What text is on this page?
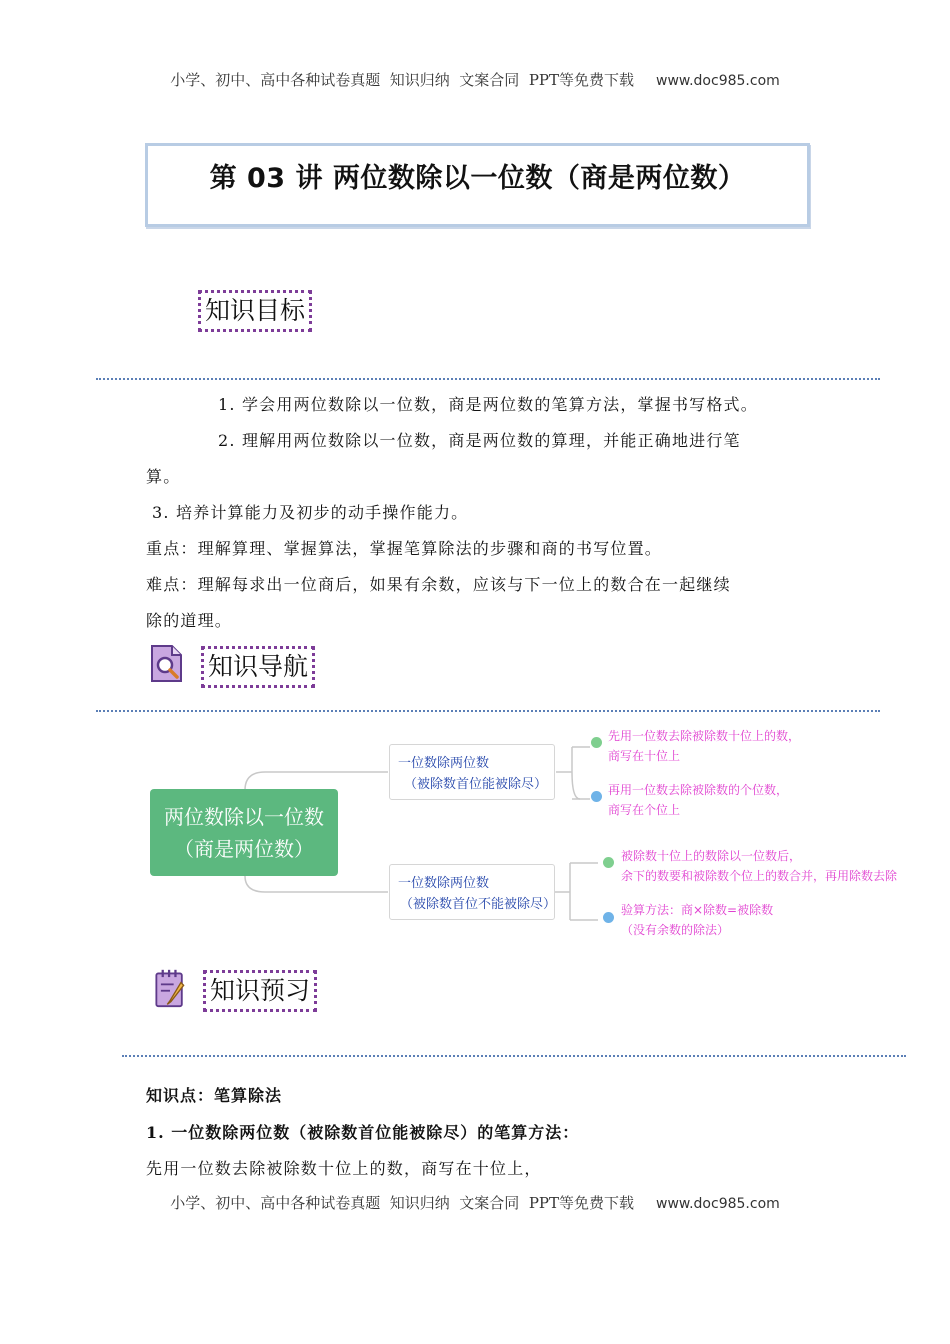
小学、初中、高中各种试卷真题  知识归纳  文案合同  PPT等免费下载 www.doc985.com
第 03 讲 两位数除以一位数（商是两位数）
知识目标
1. 学会用两位数除以一位数，商是两位数的笔算方法，掌握书写格式。
2. 理解用两位数除以一位数，商是两位数的算理，并能正确地进行笔
算。
3. 培养计算能力及初步的动手操作能力。
重点：理解算理、掌握算法，掌握笔算除法的步骤和商的书写位置。
难点：理解每求出一位商后，如果有余数，应该与下一位上的数合在一起继续
除的道理。
知识导航
两位数除以一位数
（商是两位数）
一位数除两位数
（被除数首位能被除尽）
一位数除两位数
（被除数首位不能被除尽）
先用一位数去除被除数十位上的数，
商写在十位上
再用一位数去除被除数的个位数，
商写在个位上
被除数十位上的数除以一位数后，
余下的数要和被除数个位上的数合并，再用除数去除
验算方法：商×除数=被除数
（没有余数的除法）
知识预习
知识点：笔算除法
1. 一位数除两位数（被除数首位能被除尽）的笔算方法：
先用一位数去除被除数十位上的数，商写在十位上，
小学、初中、高中各种试卷真题  知识归纳  文案合同  PPT等免费下载 www.doc985.com
